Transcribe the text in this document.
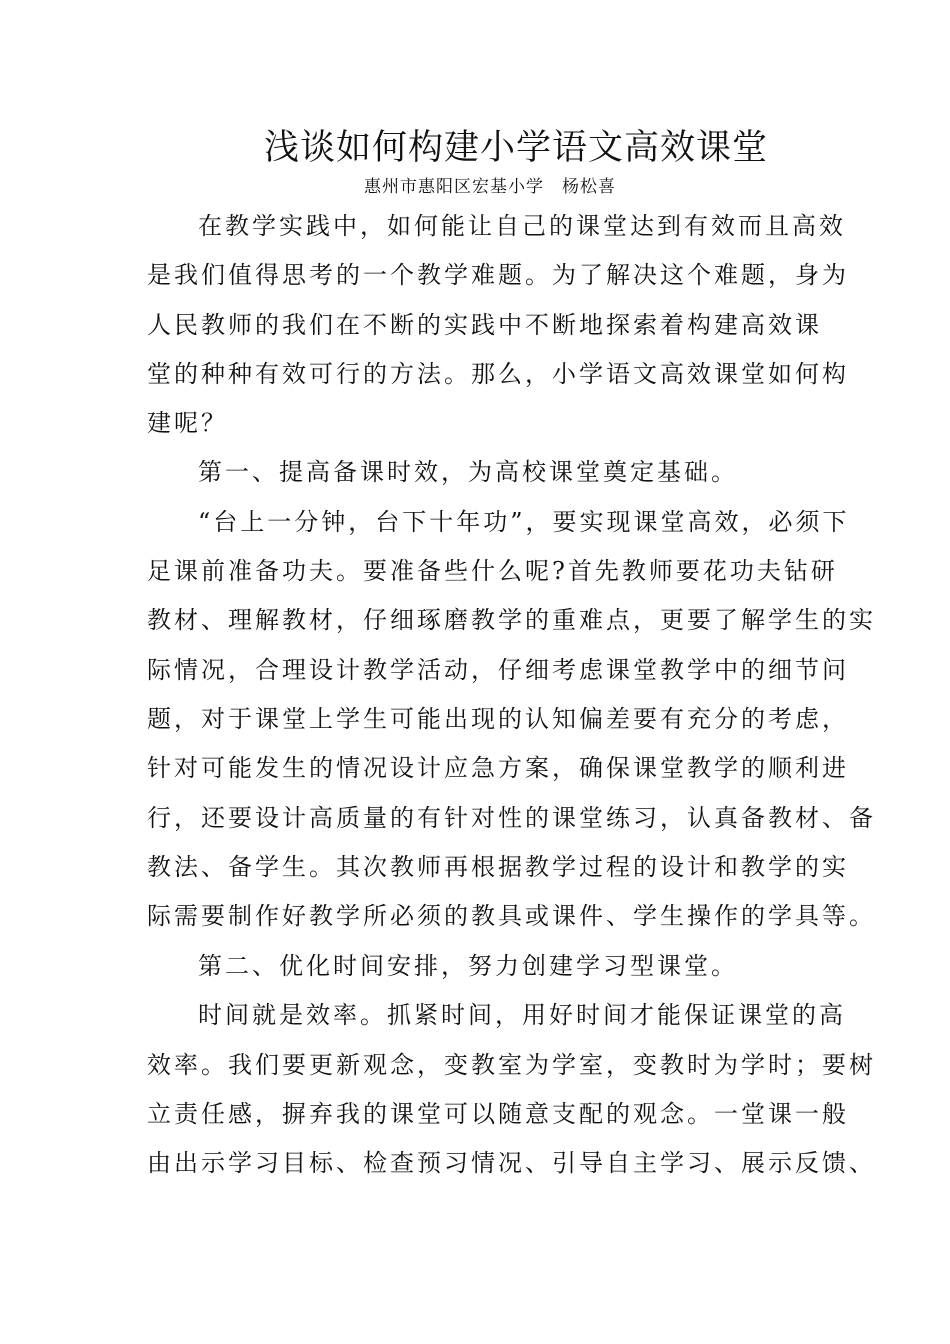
浅谈如何构建小学语文高效课堂
惠州市惠阳区宏基小学　杨松喜
在教学实践中，如何能让自己的课堂达到有效而且高效
是我们值得思考的一个教学难题。为了解决这个难题，身为
人民教师的我们在不断的实践中不断地探索着构建高效课
堂的种种有效可行的方法。那么，小学语文高效课堂如何构
建呢？
第一、提高备课时效，为高校课堂奠定基础。
“台上一分钟，台下十年功”，要实现课堂高效，必须下
足课前准备功夫。要准备些什么呢?首先教师要花功夫钻研
教材、理解教材，仔细琢磨教学的重难点，更要了解学生的实
际情况，合理设计教学活动，仔细考虑课堂教学中的细节问
题，对于课堂上学生可能出现的认知偏差要有充分的考虑，
针对可能发生的情况设计应急方案，确保课堂教学的顺利进
行，还要设计高质量的有针对性的课堂练习，认真备教材、备
教法、备学生。其次教师再根据教学过程的设计和教学的实
际需要制作好教学所必须的教具或课件、学生操作的学具等。
第二、优化时间安排，努力创建学习型课堂。
时间就是效率。抓紧时间，用好时间才能保证课堂的高
效率。我们要更新观念，变教室为学室，变教时为学时；要树
立责任感，摒弃我的课堂可以随意支配的观念。一堂课一般
由出示学习目标、检查预习情况、引导自主学习、展示反馈、
